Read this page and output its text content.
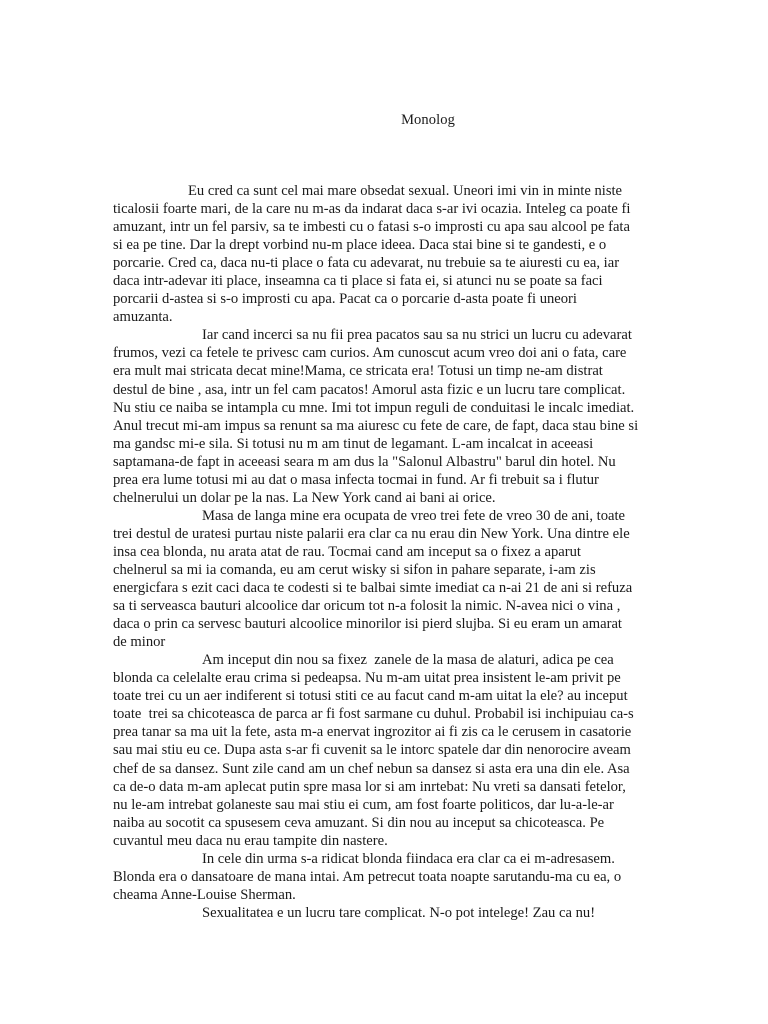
Monolog
Eu cred ca sunt cel mai mare obsedat sexual. Uneori imi vin in minte niste
ticalosii foarte mari, de la care nu m-as da indarat daca s-ar ivi ocazia. Inteleg ca poate fi
amuzant, intr un fel parsiv, sa te imbesti cu o fatasi s-o improsti cu apa sau alcool pe fata
si ea pe tine. Dar la drept vorbind nu-m place ideea. Daca stai bine si te gandesti, e o
porcarie. Cred ca, daca nu-ti place o fata cu adevarat, nu trebuie sa te aiuresti cu ea, iar
daca intr-adevar iti place, inseamna ca ti place si fata ei, si atunci nu se poate sa faci
porcarii d-astea si s-o improsti cu apa. Pacat ca o porcarie d-asta poate fi uneori
amuzanta.
Iar cand incerci sa nu fii prea pacatos sau sa nu strici un lucru cu adevarat
frumos, vezi ca fetele te privesc cam curios. Am cunoscut acum vreo doi ani o fata, care
era mult mai stricata decat mine!Mama, ce stricata era! Totusi un timp ne-am distrat
destul de bine , asa, intr un fel cam pacatos! Amorul asta fizic e un lucru tare complicat.
Nu stiu ce naiba se intampla cu mne. Imi tot impun reguli de conduitasi le incalc imediat.
Anul trecut mi-am impus sa renunt sa ma aiuresc cu fete de care, de fapt, daca stau bine si
ma gandsc mi-e sila. Si totusi nu m am tinut de legamant. L-am incalcat in aceeasi
saptamana-de fapt in aceeasi seara m am dus la "Salonul Albastru" barul din hotel. Nu
prea era lume totusi mi au dat o masa infecta tocmai in fund. Ar fi trebuit sa i flutur
chelnerului un dolar pe la nas. La New York cand ai bani ai orice.
Masa de langa mine era ocupata de vreo trei fete de vreo 30 de ani, toate
trei destul de uratesi purtau niste palarii era clar ca nu erau din New York. Una dintre ele
insa cea blonda, nu arata atat de rau. Tocmai cand am inceput sa o fixez a aparut
chelnerul sa mi ia comanda, eu am cerut wisky si sifon in pahare separate, i-am zis
energicfara s ezit caci daca te codesti si te balbai simte imediat ca n-ai 21 de ani si refuza
sa ti serveasca bauturi alcoolice dar oricum tot n-a folosit la nimic. N-avea nici o vina ,
daca o prin ca servesc bauturi alcoolice minorilor isi pierd slujba. Si eu eram un amarat
de minor
Am inceput din nou sa fixez  zanele de la masa de alaturi, adica pe cea
blonda ca celelalte erau crima si pedeapsa. Nu m-am uitat prea insistent le-am privit pe
toate trei cu un aer indiferent si totusi stiti ce au facut cand m-am uitat la ele? au inceput
toate  trei sa chicoteasca de parca ar fi fost sarmane cu duhul. Probabil isi inchipuiau ca-s
prea tanar sa ma uit la fete, asta m-a enervat ingrozitor ai fi zis ca le cerusem in casatorie
sau mai stiu eu ce. Dupa asta s-ar fi cuvenit sa le intorc spatele dar din nenorocire aveam
chef de sa dansez. Sunt zile cand am un chef nebun sa dansez si asta era una din ele. Asa
ca de-o data m-am aplecat putin spre masa lor si am inrtebat: Nu vreti sa dansati fetelor,
nu le-am intrebat golaneste sau mai stiu ei cum, am fost foarte politicos, dar lu-a-le-ar
naiba au socotit ca spusesem ceva amuzant. Si din nou au inceput sa chicoteasca. Pe
cuvantul meu daca nu erau tampite din nastere.
In cele din urma s-a ridicat blonda fiindaca era clar ca ei m-adresasem.
Blonda era o dansatoare de mana intai. Am petrecut toata noapte sarutandu-ma cu ea, o
cheama Anne-Louise Sherman.
Sexualitatea e un lucru tare complicat. N-o pot intelege! Zau ca nu!
